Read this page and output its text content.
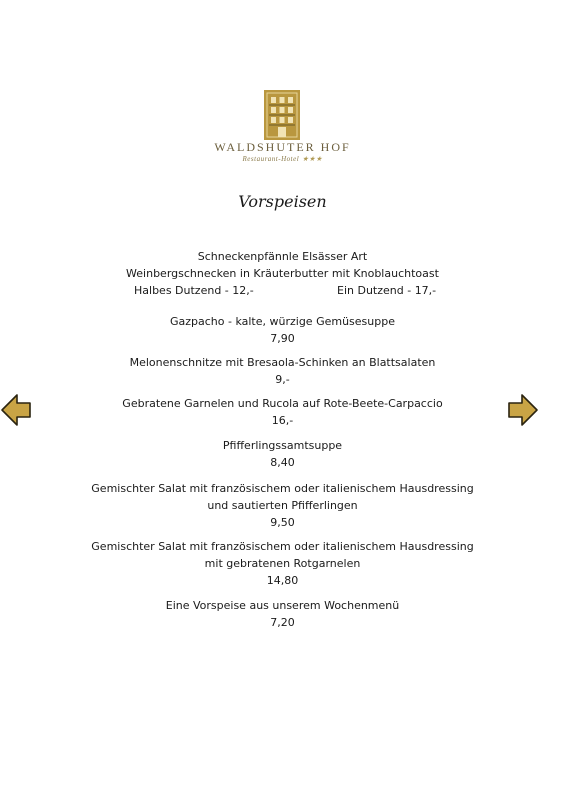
WALDSHUTER HOF
Restaurant-Hotel ★★★
Vorspeisen
Schneckenpfännle Elsässer Art
Weinbergschnecken in Kräuterbutter mit Knoblauchtoast
Halbes Dutzend - 12,-	Ein Dutzend - 17,-
Gazpacho - kalte, würzige Gemüsesuppe
7,90
Melonenschnitze mit Bresaola-Schinken an Blattsalaten
9,-
Gebratene Garnelen und Rucola auf Rote-Beete-Carpaccio
16,-
Pfifferlingssamtsuppe
8,40
Gemischter Salat mit französischem oder italienischem Hausdressing
und sautierten Pfifferlingen
9,50
Gemischter Salat mit französischem oder italienischem Hausdressing
mit gebratenen Rotgarnelen
14,80
Eine Vorspeise aus unserem Wochenmenü
7,20
